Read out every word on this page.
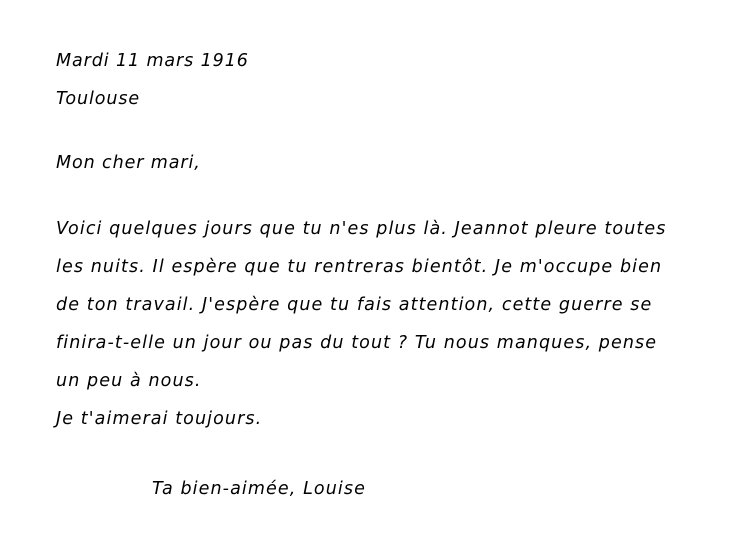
Mardi 11 mars 1916
Toulouse
Mon cher mari,
Voici quelques jours que tu n'es plus là. Jeannot pleure toutes
les nuits. Il espère que tu rentreras bientôt. Je m'occupe bien
de ton travail. J'espère que tu fais attention, cette guerre se
finira-t-elle un jour ou pas du tout ? Tu nous manques, pense
un peu à nous.
Je t'aimerai toujours.
Ta bien-aimée, Louise
